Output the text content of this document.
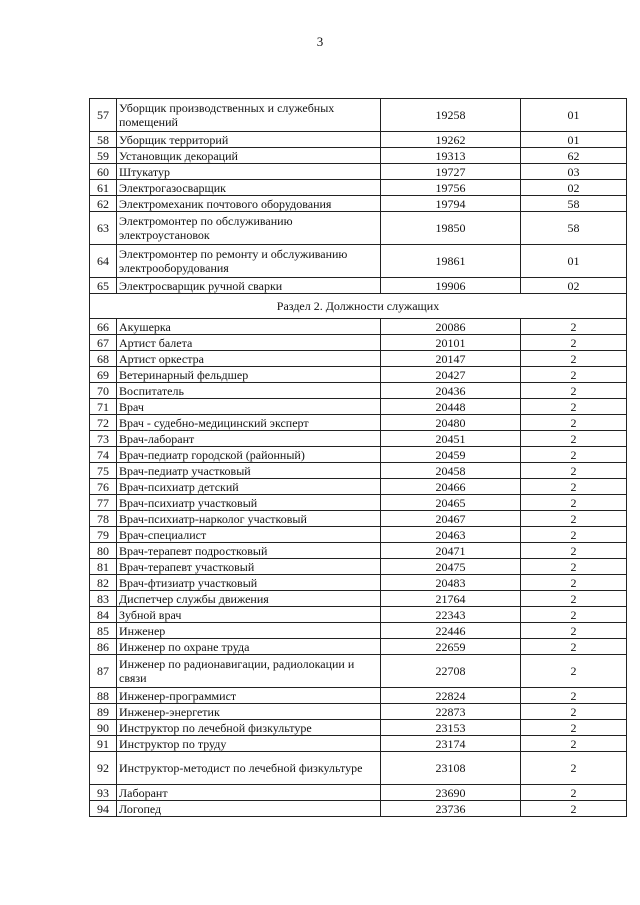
3
57	Уборщик производственных и служебных помещений	19258	01
58	Уборщик территорий	19262	01
59	Установщик декораций	19313	62
60	Штукатур	19727	03
61	Электрогазосварщик	19756	02
62	Электромеханик почтового оборудования	19794	58
63	Электромонтер по обслуживанию электроустановок	19850	58
64	Электромонтер по ремонту и обслуживанию электрооборудования	19861	01
65	Электросварщик ручной сварки	19906	02
Раздел 2. Должности служащих			
66	Акушерка	20086	2
67	Артист балета	20101	2
68	Артист оркестра	20147	2
69	Ветеринарный фельдшер	20427	2
70	Воспитатель	20436	2
71	Врач	20448	2
72	Врач - судебно-медицинский эксперт	20480	2
73	Врач-лаборант	20451	2
74	Врач-педиатр городской (районный)	20459	2
75	Врач-педиатр участковый	20458	2
76	Врач-психиатр детский	20466	2
77	Врач-психиатр участковый	20465	2
78	Врач-психиатр-нарколог участковый	20467	2
79	Врач-специалист	20463	2
80	Врач-терапевт подростковый	20471	2
81	Врач-терапевт участковый	20475	2
82	Врач-фтизиатр участковый	20483	2
83	Диспетчер службы движения	21764	2
84	Зубной врач	22343	2
85	Инженер	22446	2
86	Инженер по охране труда	22659	2
87	Инженер по радионавигации, радиолокации и связи	22708	2
88	Инженер-программист	22824	2
89	Инженер-энергетик	22873	2
90	Инструктор по лечебной физкультуре	23153	2
91	Инструктор по труду	23174	2
92	Инструктор-методист по лечебной физкультуре	23108	2
93	Лаборант	23690	2
94	Логопед	23736	2
